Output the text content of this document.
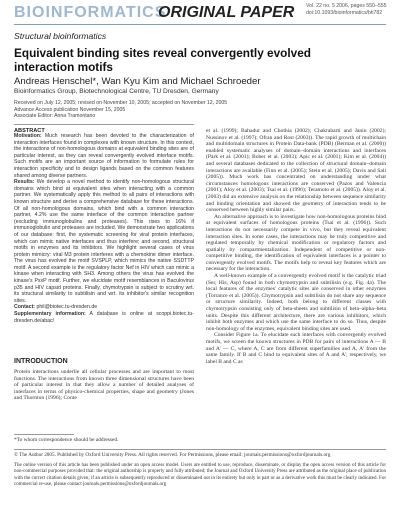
BIOINFORMATICS
ORIGINAL PAPER Vol. 22 no. 5 2006, pages 550–555
doi:10.1093/bioinformatics/bti782
Structural bioinformatics
Equivalent binding sites reveal convergently evolved interaction motifs
Andreas Henschel*, Wan Kyu Kim and Michael Schroeder
Bioinformatics Group, Biotechnological Centre, TU Dresden, Germany
Received on July 12, 2005; revised on November 10, 2005; accepted on November 12, 2005
Advance Access publication November 15, 2005
Associate Editor: Anna Tramontano
ABSTRACT

Motivation: Much research has been devoted to the characterization of interaction interfaces found in complexes with known structure. In this context, the interactions of non-homologous domains at equivalent binding sites are of particular interest, as they can reveal convergently evolved interface motifs. Such motifs are an important source of information to formulate rules for interaction specificity and to design ligands based on the common features shared among diverse partners.

Results: We develop a novel method to identify non-homologous structural domains which bind at equivalent sites when interacting with a common partner. We systematically apply this method to all pairs of interactions with known structure and derive a comprehensive database for these interactions. Of all non-homologous domains, which bind with a common interaction partner, 4.2% use the same interface of the common interaction partner (excluding immunoglobulins and proteases). This rises to 16% if immunoglobulin and proteases are included. We demonstrate two applications of our database: first, the systematic screening for viral protein interfaces, which can mimic native interfaces and thus interfere; and second, structural motifs in enzymes and its inhibitors. We highlight several cases of virus protein mimicry: viral M3 protein interferes with a chemokine dimer interface. The virus has evolved the motif SVSPLP, which mimics the native SSDTTP motif. A second example is the regulatory factor Nef in HIV which can mimic a kinase when interacting with SH3. Among others the virus has evolved the kinase's PxxP motif. Further, we elucidate motif resemblances in Baculovirus p35 and HIV capsid proteins. Finally, chymotrypsin is subject to scrutiny wrt. its structural similarity to subtilisin and wrt. its inhibitor's similar recognition sites.

Contact: phil@biotec.tu-dresden.de

Supplementary information: A database is online at scoppi.biotec.tu-dresden.de/abac/

INTRODUCTION
Protein interactions underlie all cellular processes and are important to most functions. The interactions from known three dimensional structures have been of particular interest in that they allow a number of detailed analyses of interfaces in terms of physico-chemical properties, shape and geometry (Jones and Thornton (1996); Conte
*To whom correspondence should be addressed.

et al. (1999); Bahadur and Chothia (2002); Chakrabarti and Janin (2002); Nussinov et al. (1997); Ofran and Rost (2003)). The rapid growth of multichain and multidomain structures in Protein Data-bank (PDB) (Berman et al. (2000)) enabled systematic analyses of domain–domain interactions and interfaces (Park et al. (2001); Bober et al. (2003); Apic et al. (2001); Kim et al. (2004)) and several databases dedicated to the collection of structural domain–domain interactions are available (Finn et al. (2005); Stein et al. (2005); Davis and Sali (2005)). Much work has concentrated on understanding under what circumstances homologous interactions are conserved (Pazos and Valencia (2001); Aloy et al. (2003); Tsai et al. (1996); Teramoto et al. (2005)). Aloy et al. (2003) did an extensive analysis on the relationship between sequence similarity and binding orientation and showed the geometry of interaction tends to be conserved between highly similar pairs.

An alternative approach is to investigate how non-homologous proteins bind at equivalent surfaces of homologous proteins (Tsai et al. (1996)). Such interactions do not necessarily compete in vivo, but they reveal equivalent interaction sites. In some cases, the interactions may be truly competitive and regulated temporally by chemical modification or regulatory factors and spatially by compartmentalization. Independent of competitive or non-competitive binding, the identification of equivalent interfaces is a pointer to convergently evolved motifs. The motifs help to reveal key features which are necessary for the interaction.

A well-known example of a convergently evolved motif is the catalytic triad (Ser, His, Asp) found in both chymotrypsin and subtilisin (e.g. Fig. 4a). The local features of the enzymes' catalytic sites are conserved in other enzymes (Torrance et al. (2005)). Chymotrypsin and subtilisin do not share any sequence or structure similarity. Indeed, both belong to different classes with chymotrypsin consisting only of beta-sheets and subtilisin of beta–alpha–beta units. Despite this different architecture, there are various inhibitors, which inhibit both enzymes and which use the same interface to do so. Thus, despite non-homology of the enzymes, equivalent binding sites are used.

Consider Figure 1a. To elucidate such interfaces with convergently evolved motifs, we screen the known structures in PDB for pairs of interactions A — B and A' — C, where A, C are from different superfamilies and A, A' from the same family. If B and C bind to equivalent sites of A and A', respectively, we label B and C as

© The Author 2005. Published by Oxford University Press. All rights reserved. For Permissions, please email: journals.permissions@oxfordjournals.org
The online version of this article has been published under an open access model. Users are entitled to use, reproduce, disseminate, or display the open access version of this article for non-commercial purposes provided that: the original authorship is properly and fully attributed; the Journal and Oxford University Press are attributed as the original place of publication with the correct citation details given; if an article is subsequently reproduced or disseminated not in its entirety but only in part or as a derivative work this must be clearly indicated. For commercial re-use, please contact journals.permissions@oxfordjournals.org
